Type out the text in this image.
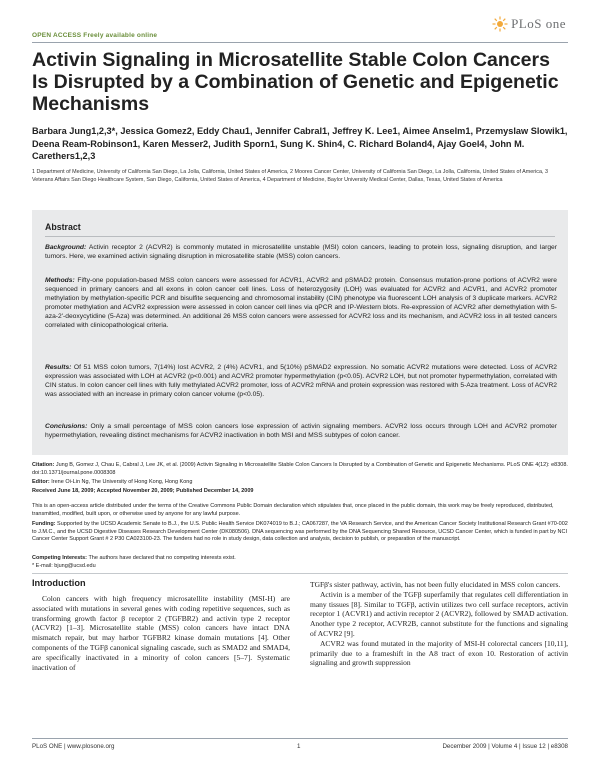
OPEN ACCESS Freely available online
PLoS one
Activin Signaling in Microsatellite Stable Colon Cancers Is Disrupted by a Combination of Genetic and Epigenetic Mechanisms
Barbara Jung1,2,3*, Jessica Gomez2, Eddy Chau1, Jennifer Cabral1, Jeffrey K. Lee1, Aimee Anselm1, Przemyslaw Slowik1, Deena Ream-Robinson1, Karen Messer2, Judith Sporn1, Sung K. Shin4, C. Richard Boland4, Ajay Goel4, John M. Carethers1,2,3
1 Department of Medicine, University of California San Diego, La Jolla, California, United States of America, 2 Moores Cancer Center, University of California San Diego, La Jolla, California, United States of America, 3 Veterans Affairs San Diego Healthcare System, San Diego, California, United States of America, 4 Department of Medicine, Baylor University Medical Center, Dallas, Texas, United States of America
Abstract
Background: Activin receptor 2 (ACVR2) is commonly mutated in microsatellite unstable (MSI) colon cancers, leading to protein loss, signaling disruption, and larger tumors. Here, we examined activin signaling disruption in microsatellite stable (MSS) colon cancers.
Methods: Fifty-one population-based MSS colon cancers were assessed for ACVR1, ACVR2 and pSMAD2 protein. Consensus mutation-prone portions of ACVR2 were sequenced in primary cancers and all exons in colon cancer cell lines. Loss of heterozygosity (LOH) was evaluated for ACVR2 and ACVR1, and ACVR2 promoter methylation by methylation-specific PCR and bisulfite sequencing and chromosomal instability (CIN) phenotype via fluorescent LOH analysis of 3 duplicate markers. ACVR2 promoter methylation and ACVR2 expression were assessed in colon cancer cell lines via qPCR and IP-Western blots. Re-expression of ACVR2 after demethylation with 5-aza-2'-deoxycytidine (5-Aza) was determined. An additional 26 MSS colon cancers were assessed for ACVR2 loss and its mechanism, and ACVR2 loss in all tested cancers correlated with clinicopathological criteria.
Results: Of 51 MSS colon tumors, 7(14%) lost ACVR2, 2 (4%) ACVR1, and 5(10%) pSMAD2 expression. No somatic ACVR2 mutations were detected. Loss of ACVR2 expression was associated with LOH at ACVR2 (p<0.001) and ACVR2 promoter hypermethylation (p<0.05). ACVR2 LOH, but not promoter hypermethylation, correlated with CIN status. In colon cancer cell lines with fully methylated ACVR2 promoter, loss of ACVR2 mRNA and protein expression was restored with 5-Aza treatment. Loss of ACVR2 was associated with an increase in primary colon cancer volume (p<0.05).
Conclusions: Only a small percentage of MSS colon cancers lose expression of activin signaling members. ACVR2 loss occurs through LOH and ACVR2 promoter hypermethylation, revealing distinct mechanisms for ACVR2 inactivation in both MSI and MSS subtypes of colon cancer.
Citation: Jung B, Gomez J, Chau E, Cabral J, Lee JK, et al. (2009) Activin Signaling in Microsatellite Stable Colon Cancers Is Disrupted by a Combination of Genetic and Epigenetic Mechanisms. PLoS ONE 4(12): e8308. doi:10.1371/journal.pone.0008308
Editor: Irene Oi-Lin Ng, The University of Hong Kong, Hong Kong
Received June 18, 2009; Accepted November 20, 2009; Published December 14, 2009
This is an open-access article distributed under the terms of the Creative Commons Public Domain declaration which stipulates that, once placed in the public domain, this work may be freely reproduced, distributed, transmitted, modified, built upon, or otherwise used by anyone for any lawful purpose.
Funding: Supported by the UCSD Academic Senate to B.J., the U.S. Public Health Service DK074019 to B.J.; CA067287, the VA Research Service, and the American Cancer Society Institutional Research Grant #70-002 to J.M.C., and the UCSD Digestive Diseases Research Development Center (DK080506). DNA sequencing was performed by the DNA Sequencing Shared Resource, UCSD Cancer Center, which is funded in part by NCI Cancer Center Support Grant # 2 P30 CA023100-23. The funders had no role in study design, data collection and analysis, decision to publish, or preparation of the manuscript.
Competing Interests: The authors have declared that no competing interests exist.
* E-mail: bjung@ucsd.edu
Introduction
Colon cancers with high frequency microsatellite instability (MSI-H) are associated with mutations in several genes with coding repetitive sequences, such as transforming growth factor β receptor 2 (TGFBR2) and activin type 2 receptor (ACVR2) [1–3]. Microsatellite stable (MSS) colon cancers have intact DNA mismatch repair, but may harbor TGFBR2 kinase domain mutations [4]. Other components of the TGFβ canonical signaling cascade, such as SMAD2 and SMAD4, are specifically inactivated in a minority of colon cancers [5–7]. Systematic inactivation of
TGFβ's sister pathway, activin, has not been fully elucidated in MSS colon cancers.
Activin is a member of the TGFβ superfamily that regulates cell differentiation in many tissues [8]. Similar to TGFβ, activin utilizes two cell surface receptors, activin receptor 1 (ACVR1) and activin receptor 2 (ACVR2), followed by SMAD activation. Another type 2 receptor, ACVR2B, cannot substitute for the functions and signaling of ACVR2 [9].
ACVR2 was found mutated in the majority of MSI-H colorectal cancers [10,11], primarily due to a frameshift in the A8 tract of exon 10. Restoration of activin signaling and growth suppression
PLoS ONE | www.plosone.org	1	December 2009 | Volume 4 | Issue 12 | e8308
